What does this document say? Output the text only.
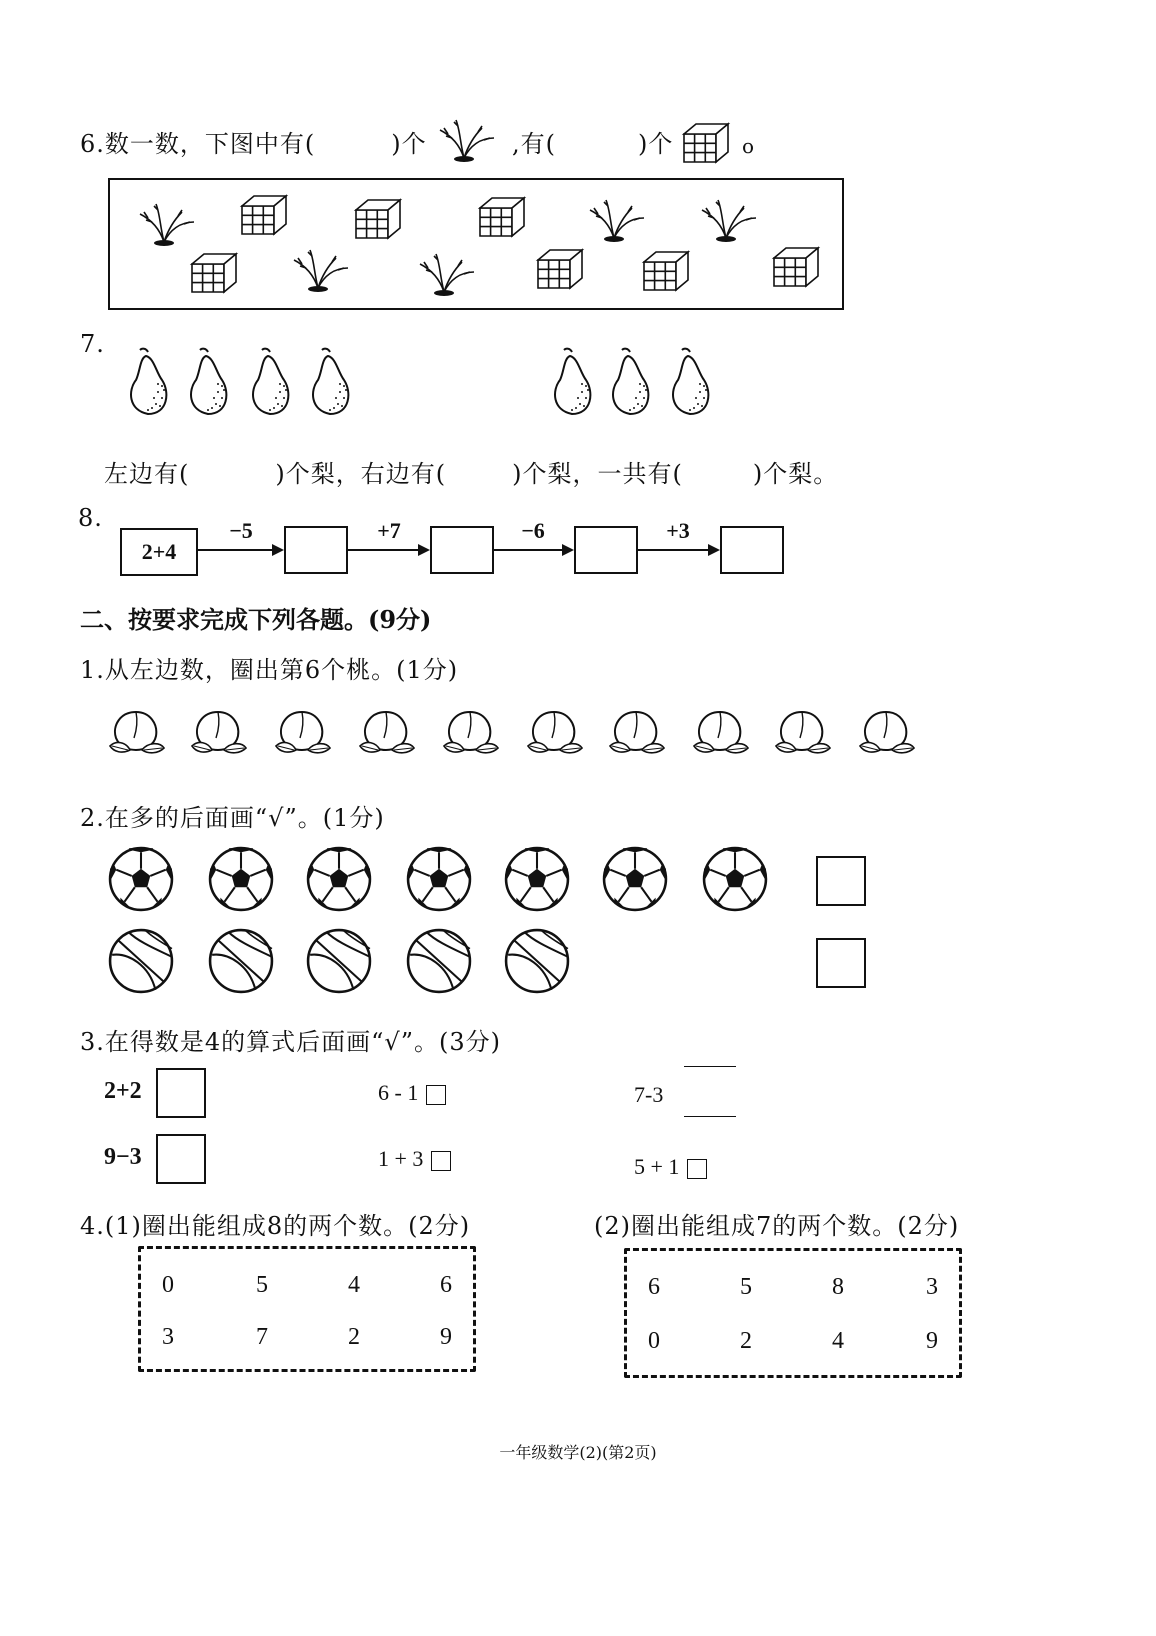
6.数一数，下图中有(	)个	,有(	)个	o
7.
左边有(	)个梨，右边有(	)个梨，一共有(	)个梨。
8.
2+4
−5	+7	−6	+3
二、按要求完成下列各题。(9分)
1.从左边数，圈出第6个桃。(1分)
2.在多的后面画“√”。(1分)
3.在得数是4的算式后面画“√”。(3分)
2+2
9−3
6 - 1
1 + 3
7-3
5 + 1
4.(1)圈出能组成8的两个数。(2分)	(2)圈出能组成7的两个数。(2分)
0	5	4	6
3	7	2	9
6	5	8	3
0	2	4	9
一年级数学(2)(第2页)
